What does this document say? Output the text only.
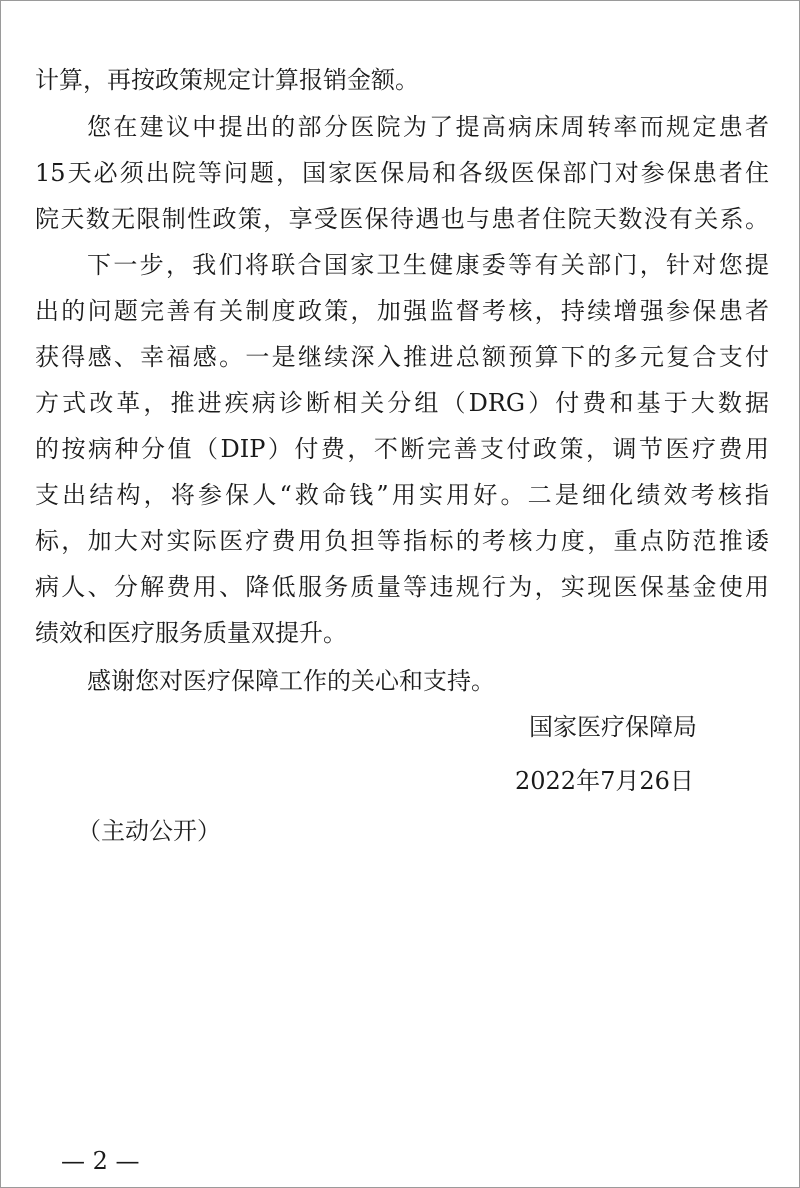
计算，再按政策规定计算报销金额。

您在建议中提出的部分医院为了提高病床周转率而规定患者

15天必须出院等问题，国家医保局和各级医保部门对参保患者住

院天数无限制性政策，享受医保待遇也与患者住院天数没有关系。

下一步，我们将联合国家卫生健康委等有关部门，针对您提

出的问题完善有关制度政策，加强监督考核，持续增强参保患者

获得感、幸福感。一是继续深入推进总额预算下的多元复合支付

方式改革，推进疾病诊断相关分组（DRG）付费和基于大数据

的按病种分值（DIP）付费，不断完善支付政策，调节医疗费用

支出结构，将参保人“救命钱”用实用好。二是细化绩效考核指

标，加大对实际医疗费用负担等指标的考核力度，重点防范推诿

病人、分解费用、降低服务质量等违规行为，实现医保基金使用

绩效和医疗服务质量双提升。

感谢您对医疗保障工作的关心和支持。

国家医疗保障局

2022年7月26日

（主动公开）

— 2 —
